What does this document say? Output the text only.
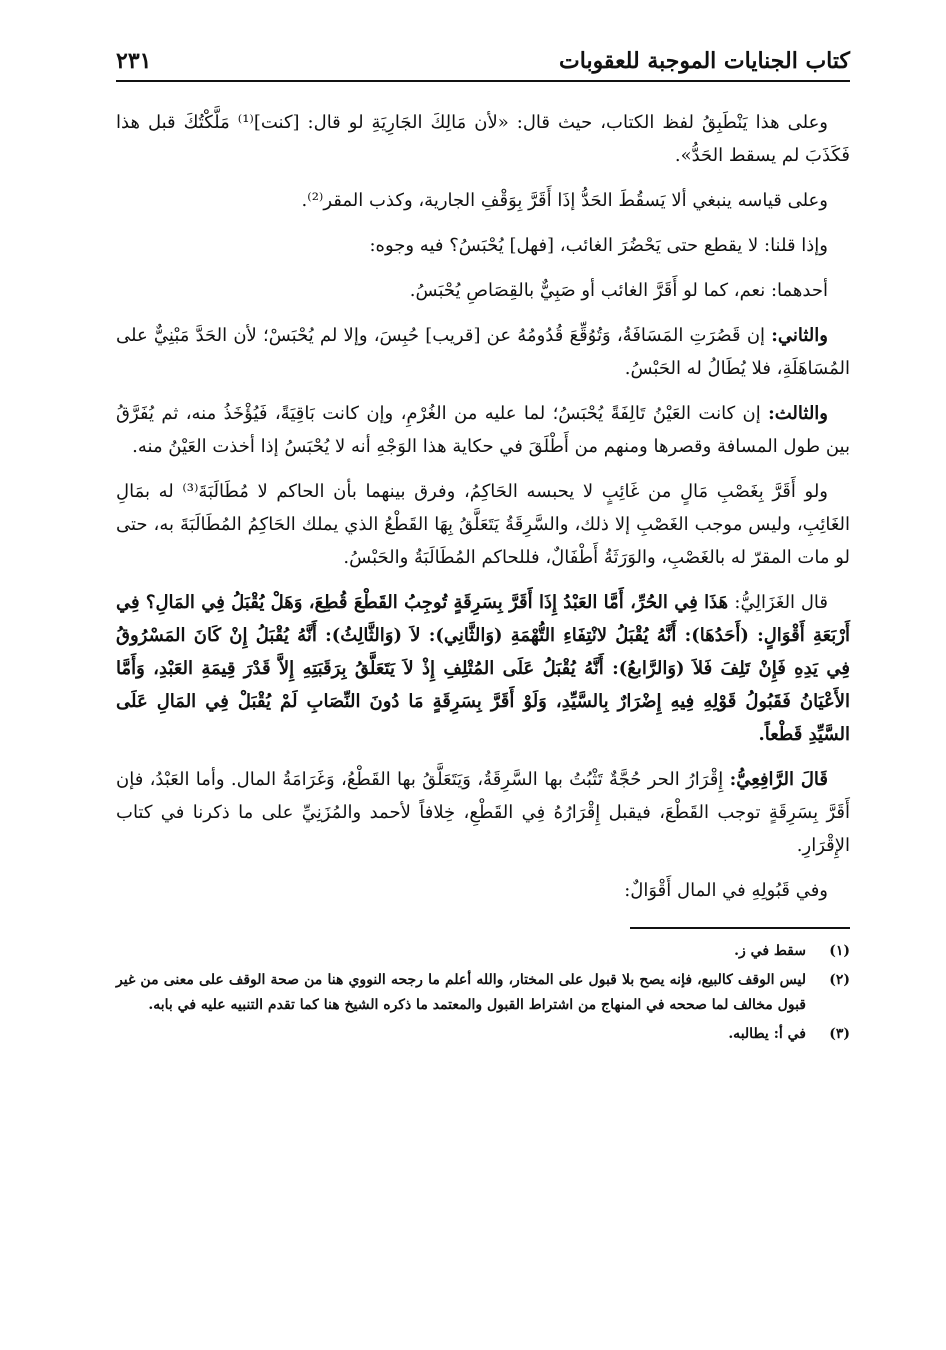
كتاب الجنايات الموجبة للعقوبات
٢٣١

وعلى هذا يَنْطَبِقُ لفظ الكتاب، حيث قال: «لأن مَالِكَ الجَارِيَةِ لو قال: [كنت]⁽¹⁾ مَلَّكْتُكَ قبل هذا فَكَذَبَ لم يسقط الحَدُّ».

وعلى قياسه ينبغي ألا يَسقُطَ الحَدُّ إذَا أَقَرَّ بِوَقْفِ الجارية، وكذب المقر⁽²⁾.

وإذا قلنا: لا يقطع حتى يَحْضُرَ الغائب، [فهل] يُحْبَسُ؟ فيه وجوه:

أحدهما: نعم، كما لو أَقَرَّ الغائب أو صَبِيٌّ بالقِصَاصِ يُحْبَسُ.

والثاني: إن قَصُرَتِ المَسَافَةُ، وَتُوُقِّعَ قُدُومُهُ عن [قريب] حُبِسَ، وإلا لم يُحْبَسْ؛ لأن الحَدَّ مَبْنِيٌّ على المُسَاهَلَةِ، فلا يُطَالُ له الحَبْسُ.

والثالث: إن كانت العَيْنُ تَالِفَةً يُحْبَسُ؛ لما عليه من الغُرْمِ، وإن كانت بَاقِيَةً، فَيُؤْخَذُ منه، ثم يُفَرَّقُ بين طول المسافة وقصرها ومنهم من أَطْلَقَ في حكاية هذا الوَجْهِ أنه لا يُحْبَسُ إذا أخذت العَيْنُ منه.

ولو أَقَرَّ بِغَصْبِ مَالٍ من غَائِبٍ لا يحبسه الحَاكِمُ، وفرق بينهما بأن الحاكم لا مُطَالَبَةَ⁽³⁾ له بمَالِ الغَائِبِ، وليس موجب الغَصْبِ إلا ذلك، والسَّرِقَةُ يَتَعَلَّقُ بِهَا القَطْعُ الذي يملك الحَاكِمُ المُطَالَبَةَ به، حتى لو مات المقرّ له بالغَصْبِ، والوَرَثَةُ أَطْفَالٌ، فللحاكم المُطَالَبَةُ والحَبْسُ.

قال الغَزَالِيُّ: هَذَا فِي الحُرِّ، أَمَّا العَبْدُ إِذَا أَقَرَّ بِسَرِقَةٍ تُوجِبُ القَطْعَ قُطِعَ، وَهَلْ يُقْبَلُ فِي المَالِ؟ فِي أَرْبَعَةِ أَقْوَالٍ: (أَحَدُهَا): أَنَّهُ يُقْبَلُ لانْتِفَاءِ التُّهْمَةِ (وَالثَّانِي): لاَ (وَالثَّالِثُ): أَنَّهُ يُقْبَلُ إِنْ كَانَ المَسْرُوقُ فِي يَدِهِ فَإِنْ تَلِفَ فَلاَ (وَالرَّابعُ): أَنَّهُ يُقْبَلُ عَلَى المُتْلِفِ إِذْ لاَ يَتَعَلَّقُ بِرَقَبَتِهِ إِلاَّ قَدْرَ قِيمَةِ العَبْدِ، وَأَمَّا الأَعْيَانُ فَقَبُولُ قَوْلِهِ فِيهِ إِضْرَارٌ بِالسَّيِّدِ، وَلَوْ أَقَرَّ بِسَرِقَةٍ مَا دُونَ النِّصَابِ لَمْ يُقْبَلْ فِي المَالِ عَلَى السَّيِّدِ قَطْعاً.

قَالَ الرَّافِعِيُّ: إِقْرَارُ الحر حُجَّةٌ تَثْبُتُ بها السَّرِقَةُ، وَيَتَعَلَّقُ بها القَطْعُ، وَغَرَامَةُ المال. وأما العَبْدُ، فإن أَقَرَّ بِسَرِقَةٍ توجب القَطْعَ، فيقبل إِقْرَارُهُ فِي القَطْعِ، خِلافاً لأحمد والمُزَنِيِّ على ما ذكرنا في كتاب الإِقْرَارِ.

وفي قَبُولِهِ في المال أَقْوَالٌ:

(١)
سقط في ز.
(٢)
ليس الوقف كالبيع، فإنه يصح بلا قبول على المختار، والله أعلم ما رجحه النووي هنا من صحة الوقف على معنى من غير قبول مخالف لما صححه في المنهاج من اشتراط القبول والمعتمد ما ذكره الشيخ هنا كما تقدم التنبيه عليه في بابه.
(٣)
في أ: يطالبه.
